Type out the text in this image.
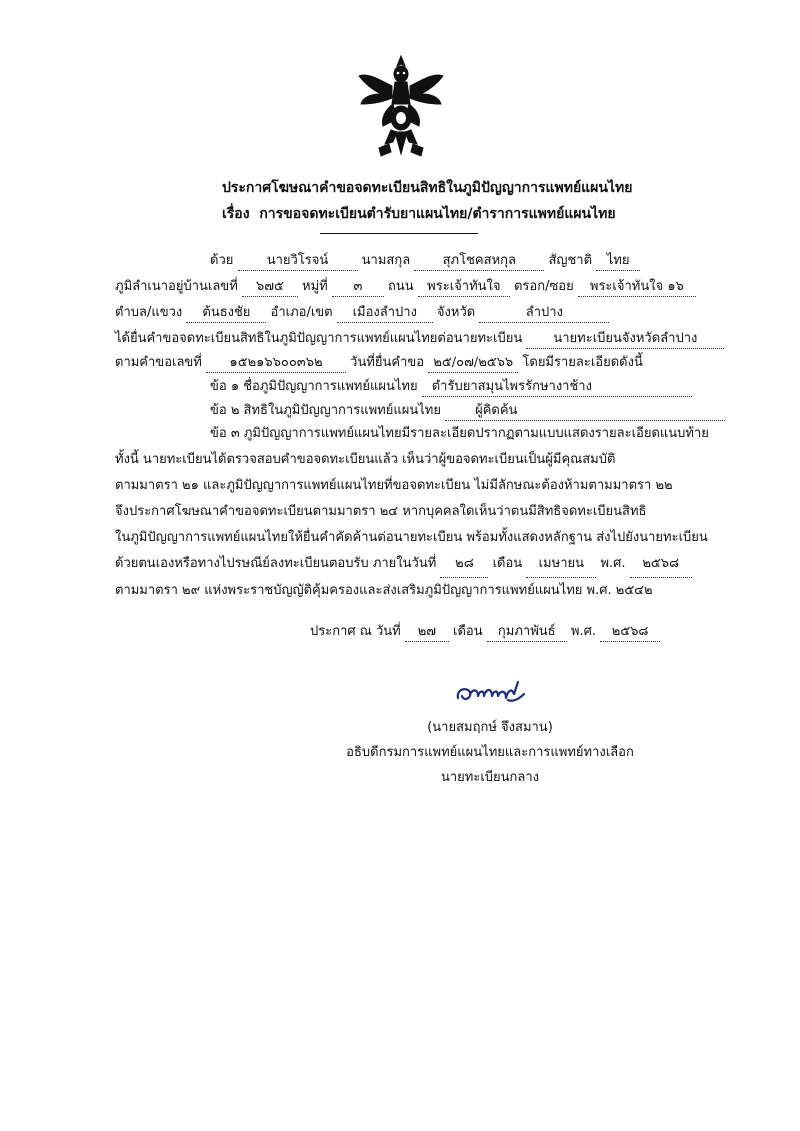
ประกาศโฆษณาคำขอจดทะเบียนสิทธิในภูมิปัญญาการแพทย์แผนไทย
เรื่อง การขอจดทะเบียนตำรับยาแผนไทย/ตำราการแพทย์แผนไทย
ด้วย	นายวิโรจน์	นามสกุล สุภโชคสหกุล สัญชาติ ไทย
ภูมิลำเนาอยู่บ้านเลขที่ ๖๗๕ หมู่ที่ ๓ ถนน พระเจ้าทันใจ ตรอก/ซอย พระเจ้าทันใจ ๑๖
ตำบล/แขวง ต้นธงชัย อำเภอ/เขต เมืองลำปาง จังหวัด	ลำปาง
ได้ยื่นคำขอจดทะเบียนสิทธิในภูมิปัญญาการแพทย์แผนไทยต่อนายทะเบียน นายทะเบียนจังหวัดลำปาง
ตามคำขอเลขที่ ๑๕๒๑๖๖๐๐๓๖๒ วันที่ยื่นคำขอ ๒๕/๐๗/๒๕๖๖ โดยมีรายละเอียดดังนี้
ข้อ ๑ ชื่อภูมิปัญญาการแพทย์แผนไทย ตำรับยาสมุนไพรรักษางาช้าง
ข้อ ๒ สิทธิในภูมิปัญญาการแพทย์แผนไทย	ผู้คิดค้น
ข้อ ๓ ภูมิปัญญาการแพทย์แผนไทยมีรายละเอียดปรากฏตามแบบแสดงรายละเอียดแนบท้าย
ทั้งนี้ นายทะเบียนได้ตรวจสอบคำขอจดทะเบียนแล้ว เห็นว่าผู้ขอจดทะเบียนเป็นผู้มีคุณสมบัติ
ตามมาตรา ๒๑ และภูมิปัญญาการแพทย์แผนไทยที่ขอจดทะเบียน ไม่มีลักษณะต้องห้ามตามมาตรา ๒๒
จึงประกาศโฆษณาคำขอจดทะเบียนตามมาตรา ๒๔ หากบุคคลใดเห็นว่าตนมีสิทธิจดทะเบียนสิทธิ
ในภูมิปัญญาการแพทย์แผนไทยให้ยื่นคำคัดค้านต่อนายทะเบียน พร้อมทั้งแสดงหลักฐาน ส่งไปยังนายทะเบียน
ด้วยตนเองหรือทางไปรษณีย์ลงทะเบียนตอบรับ ภายในวันที่ ๒๘ เดือน เมษายน พ.ศ. ๒๕๖๘
ตามมาตรา ๒๙ แห่งพระราชบัญญัติคุ้มครองและส่งเสริมภูมิปัญญาการแพทย์แผนไทย พ.ศ. ๒๕๔๒
ประกาศ ณ วันที่ ๒๗ เดือน กุมภาพันธ์ พ.ศ. ๒๕๖๘
(นายสมฤกษ์ จึงสมาน)
อธิบดีกรมการแพทย์แผนไทยและการแพทย์ทางเลือก
นายทะเบียนกลาง
